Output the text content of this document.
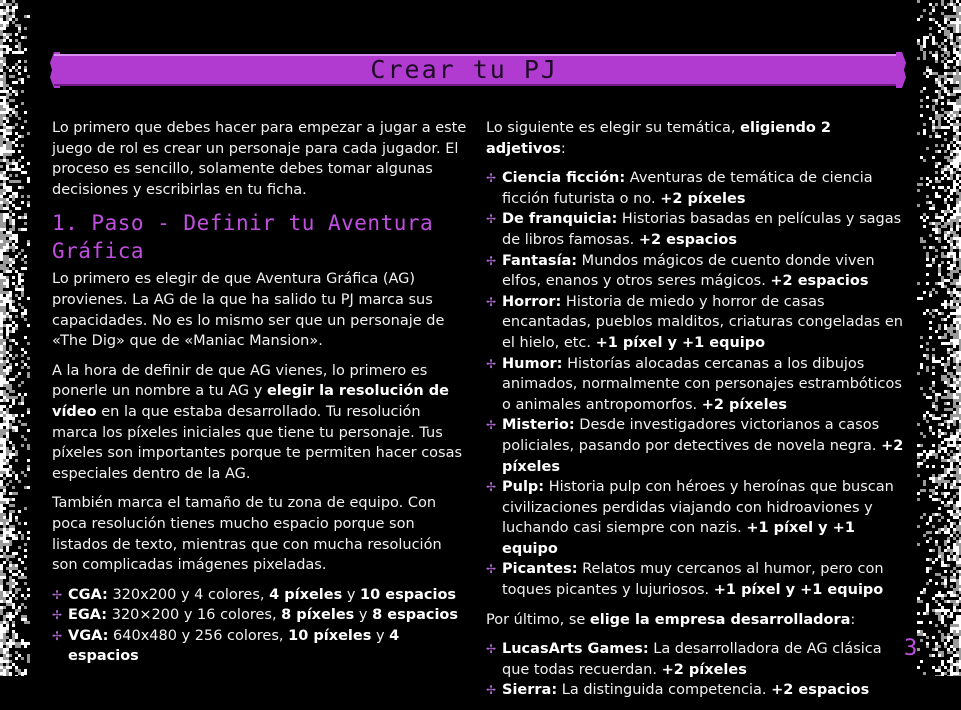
Crear tu PJ

Lo primero que debes hacer para empezar a jugar a este juego de rol es crear un personaje para cada jugador. El proceso es sencillo, solamente debes tomar algunas decisiones y escribirlas en tu ficha.

1. Paso - Definir tu Aventura Gráfica

Lo primero es elegir de que Aventura Gráfica (AG) provienes. La AG de la que ha salido tu PJ marca sus capacidades. No es lo mismo ser que un personaje de «The Dig» que de «Maniac Mansion».

A la hora de definir de que AG vienes, lo primero es ponerle un nombre a tu AG y elegir la resolución de vídeo en la que estaba desarrollado. Tu resolución marca los píxeles iniciales que tiene tu personaje. Tus píxeles son importantes porque te permiten hacer cosas especiales dentro de la AG.

También marca el tamaño de tu zona de equipo. Con poca resolución tienes mucho espacio porque son listados de texto, mientras que con mucha resolución son complicadas imágenes pixeladas.

✢ CGA: 320x200 y 4 colores, 4 píxeles y 10 espacios
✢ EGA: 320×200 y 16 colores, 8 píxeles y 8 espacios
✢ VGA: 640x480 y 256 colores, 10 píxeles y 4 espacios

Lo siguiente es elegir su temática, eligiendo 2 adjetivos:

✢ Ciencia ficción: Aventuras de temática de ciencia ficción futurista o no. +2 píxeles
✢ De franquicia: Historias basadas en películas y sagas de libros famosas. +2 espacios
✢ Fantasía: Mundos mágicos de cuento donde viven elfos, enanos y otros seres mágicos. +2 espacios
✢ Horror: Historia de miedo y horror de casas encantadas, pueblos malditos, criaturas congeladas en el hielo, etc. +1 píxel y +1 equipo
✢ Humor: Historías alocadas cercanas a los dibujos animados, normalmente con personajes estrambóticos o animales antropomorfos. +2 píxeles
✢ Misterio: Desde investigadores victorianos a casos policiales, pasando por detectives de novela negra. +2 píxeles
✢ Pulp: Historia pulp con héroes y heroínas que buscan civilizaciones perdidas viajando con hidroaviones y luchando casi siempre con nazis. +1 píxel y +1 equipo
✢ Picantes: Relatos muy cercanos al humor, pero con toques picantes y lujuriosos. +1 píxel y +1 equipo

Por último, se elige la empresa desarrolladora:

✢ LucasArts Games: La desarrolladora de AG clásica que todas recuerdan. +2 píxeles
✢ Sierra: La distinguida competencia. +2 espacios
3
